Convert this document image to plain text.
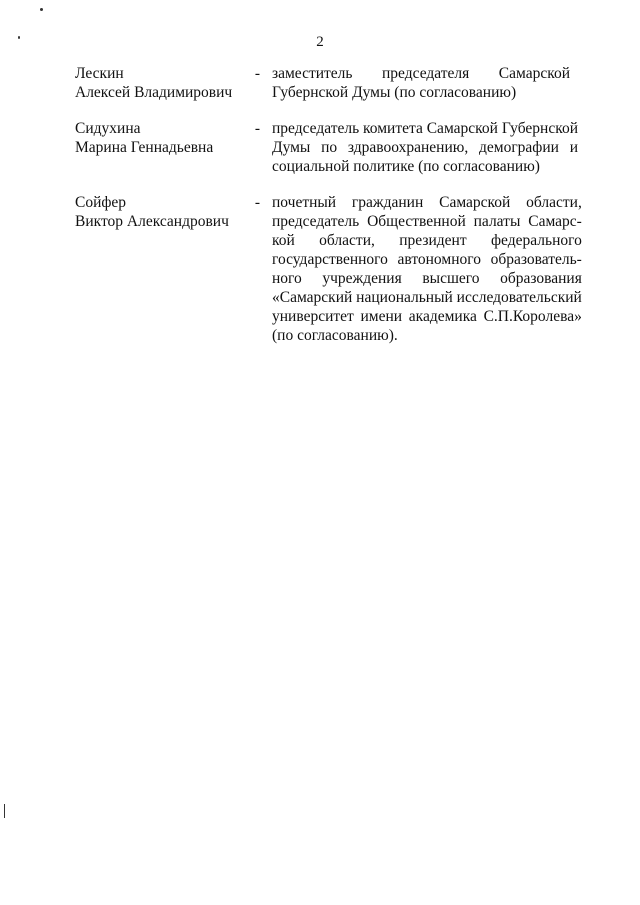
2
Лескин
Алексей Владимирович
- заместитель председателя Самарской
Губернской Думы (по согласованию)
Сидухина
Марина Геннадьевна
- председатель комитета Самарской Губернской
Думы по здравоохранению, демографии и
социальной политике (по согласованию)
Сойфер
Виктор Александрович
- почетный гражданин Самарской области,
председатель Общественной палаты Самарс-
кой области, президент федерального
государственного автономного образователь-
ного учреждения высшего образования
«Самарский национальный исследовательский
университет имени академика С.П.Королева»
(по согласованию).
